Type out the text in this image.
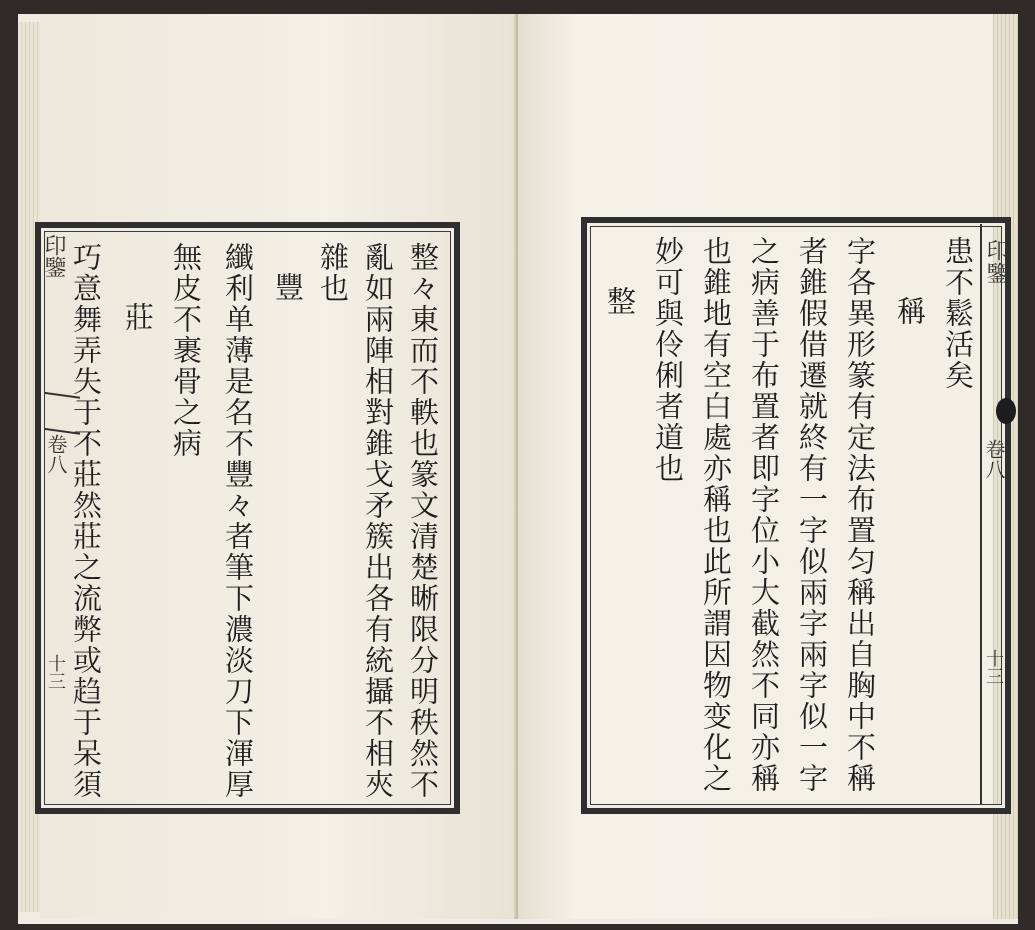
印鑒
卷八
十三	整々東而不軼也篆文清楚晰限分明秩然不
亂如兩陣相對錐戈矛簇出各有統攝不相夾
雜也
豐
纖利单薄是名不豐々者筆下濃淡刀下渾厚
無皮不裹骨之病
莊
巧意舞弄失于不莊然莊之流弊或趋于呆須	患不鬆活矣
稱
字各異形篆有定法布置匀稱出自胸中不稱
者錐假借遷就終有一字似兩字兩字似一字
之病善于布置者即字位小大截然不同亦稱
也錐地有空白處亦稱也此所謂因物变化之
妙可與伶俐者道也
整
印鑒
卷八
十三
